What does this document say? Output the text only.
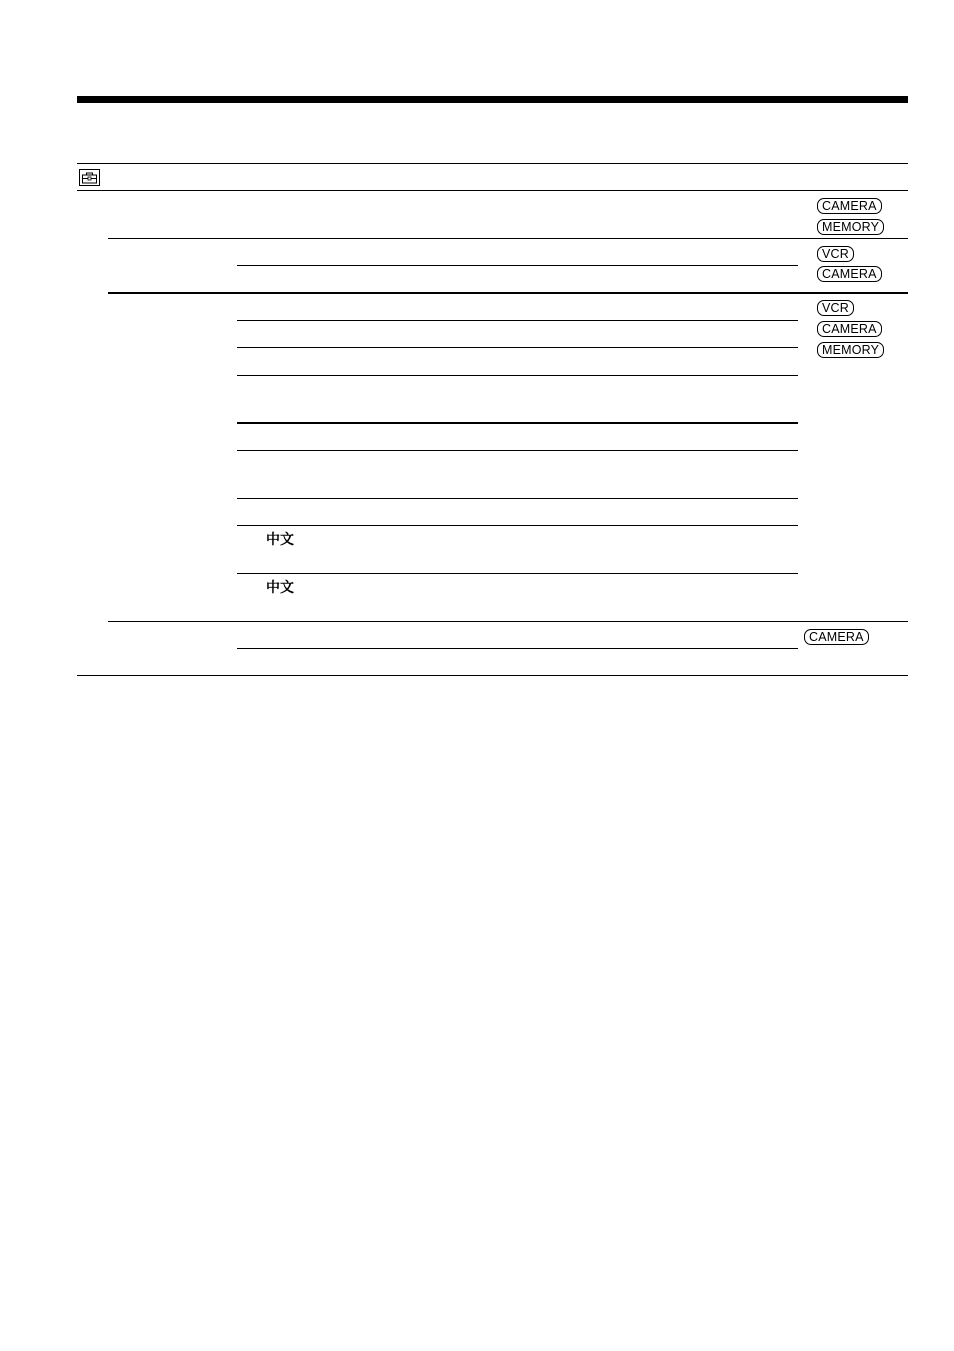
CAMERA
MEMORY
VCR
CAMERA
VCR
CAMERA
MEMORY
中文
中文
CAMERA
